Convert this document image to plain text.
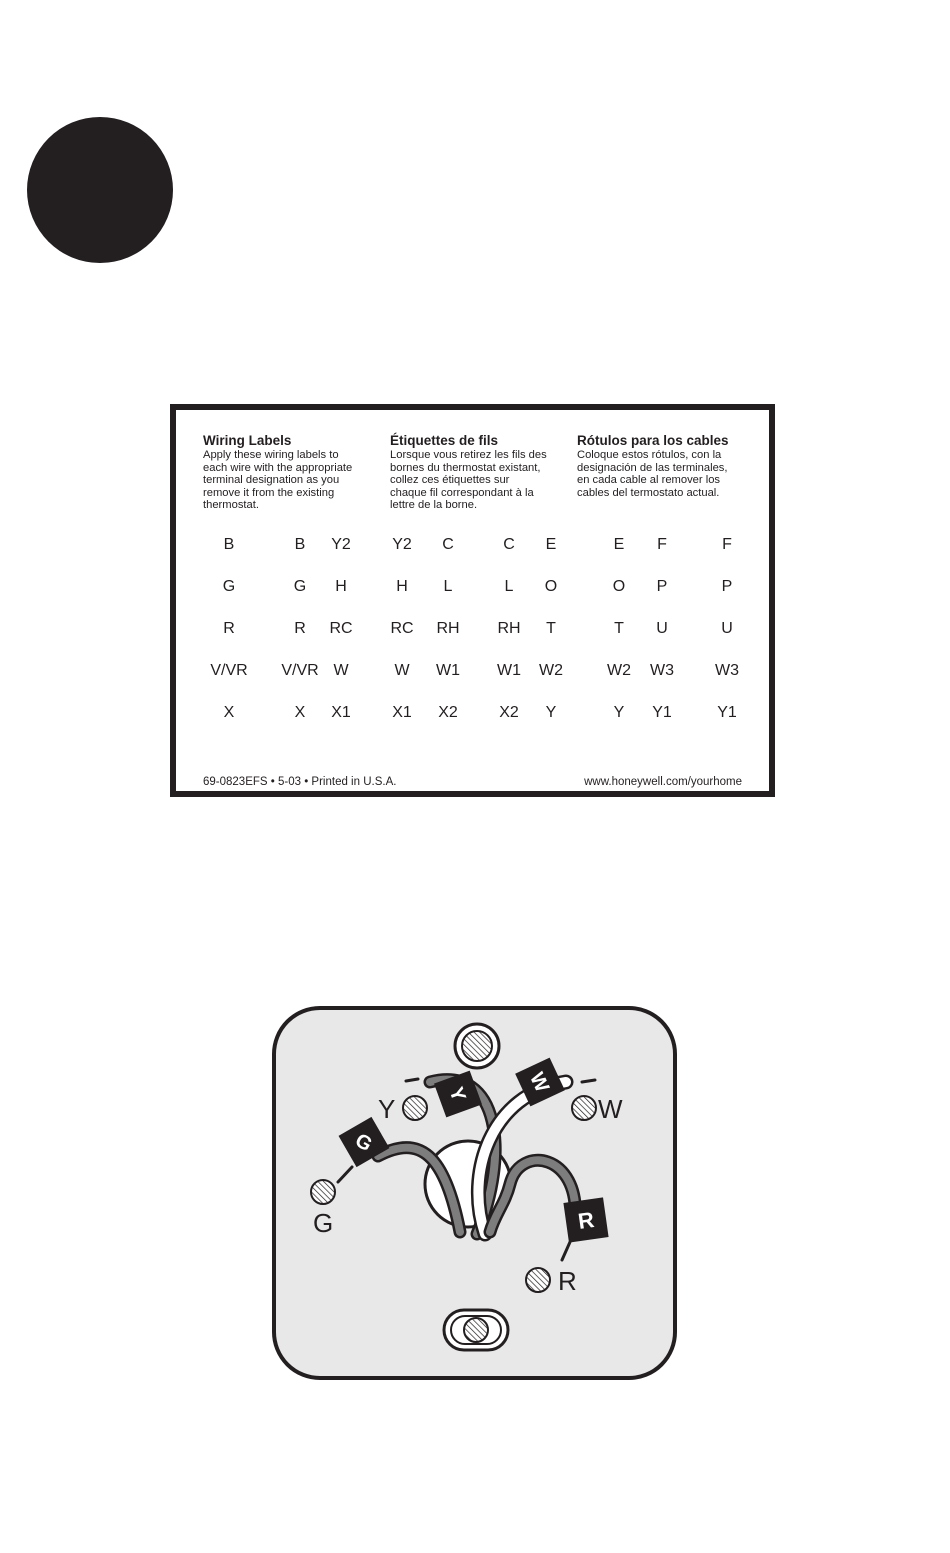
Wiring Labels

Apply these wiring labels to

each wire with the appropriate

terminal designation as you

remove it from the existing

thermostat.

Étiquettes de fils

Lorsque vous retirez les fils des

bornes du thermostat existant,

collez ces étiquettes sur

chaque fil correspondant à la

lettre de la borne.

Rótulos para los cables

Coloque estos rótulos, con la

designación de las terminales,

en cada cable al remover los

cables del termostato actual.

B	B	Y2	Y2	C	C	E	E	F	F
G	G	H	H	L	L	O	O	P	P
R	R	RC	RC	RH	RH	T	T	U	U
V/VR	V/VR W	W	W1	W1	W2	W2	W3	W3
X	X	X1	X1	X2	X2	Y	Y	Y1	Y1
69-0823EFS • 5-03 • Printed in U.S.A.	www.honeywell.com/yourhome
Y	W
G
R
Y	W
G
R
